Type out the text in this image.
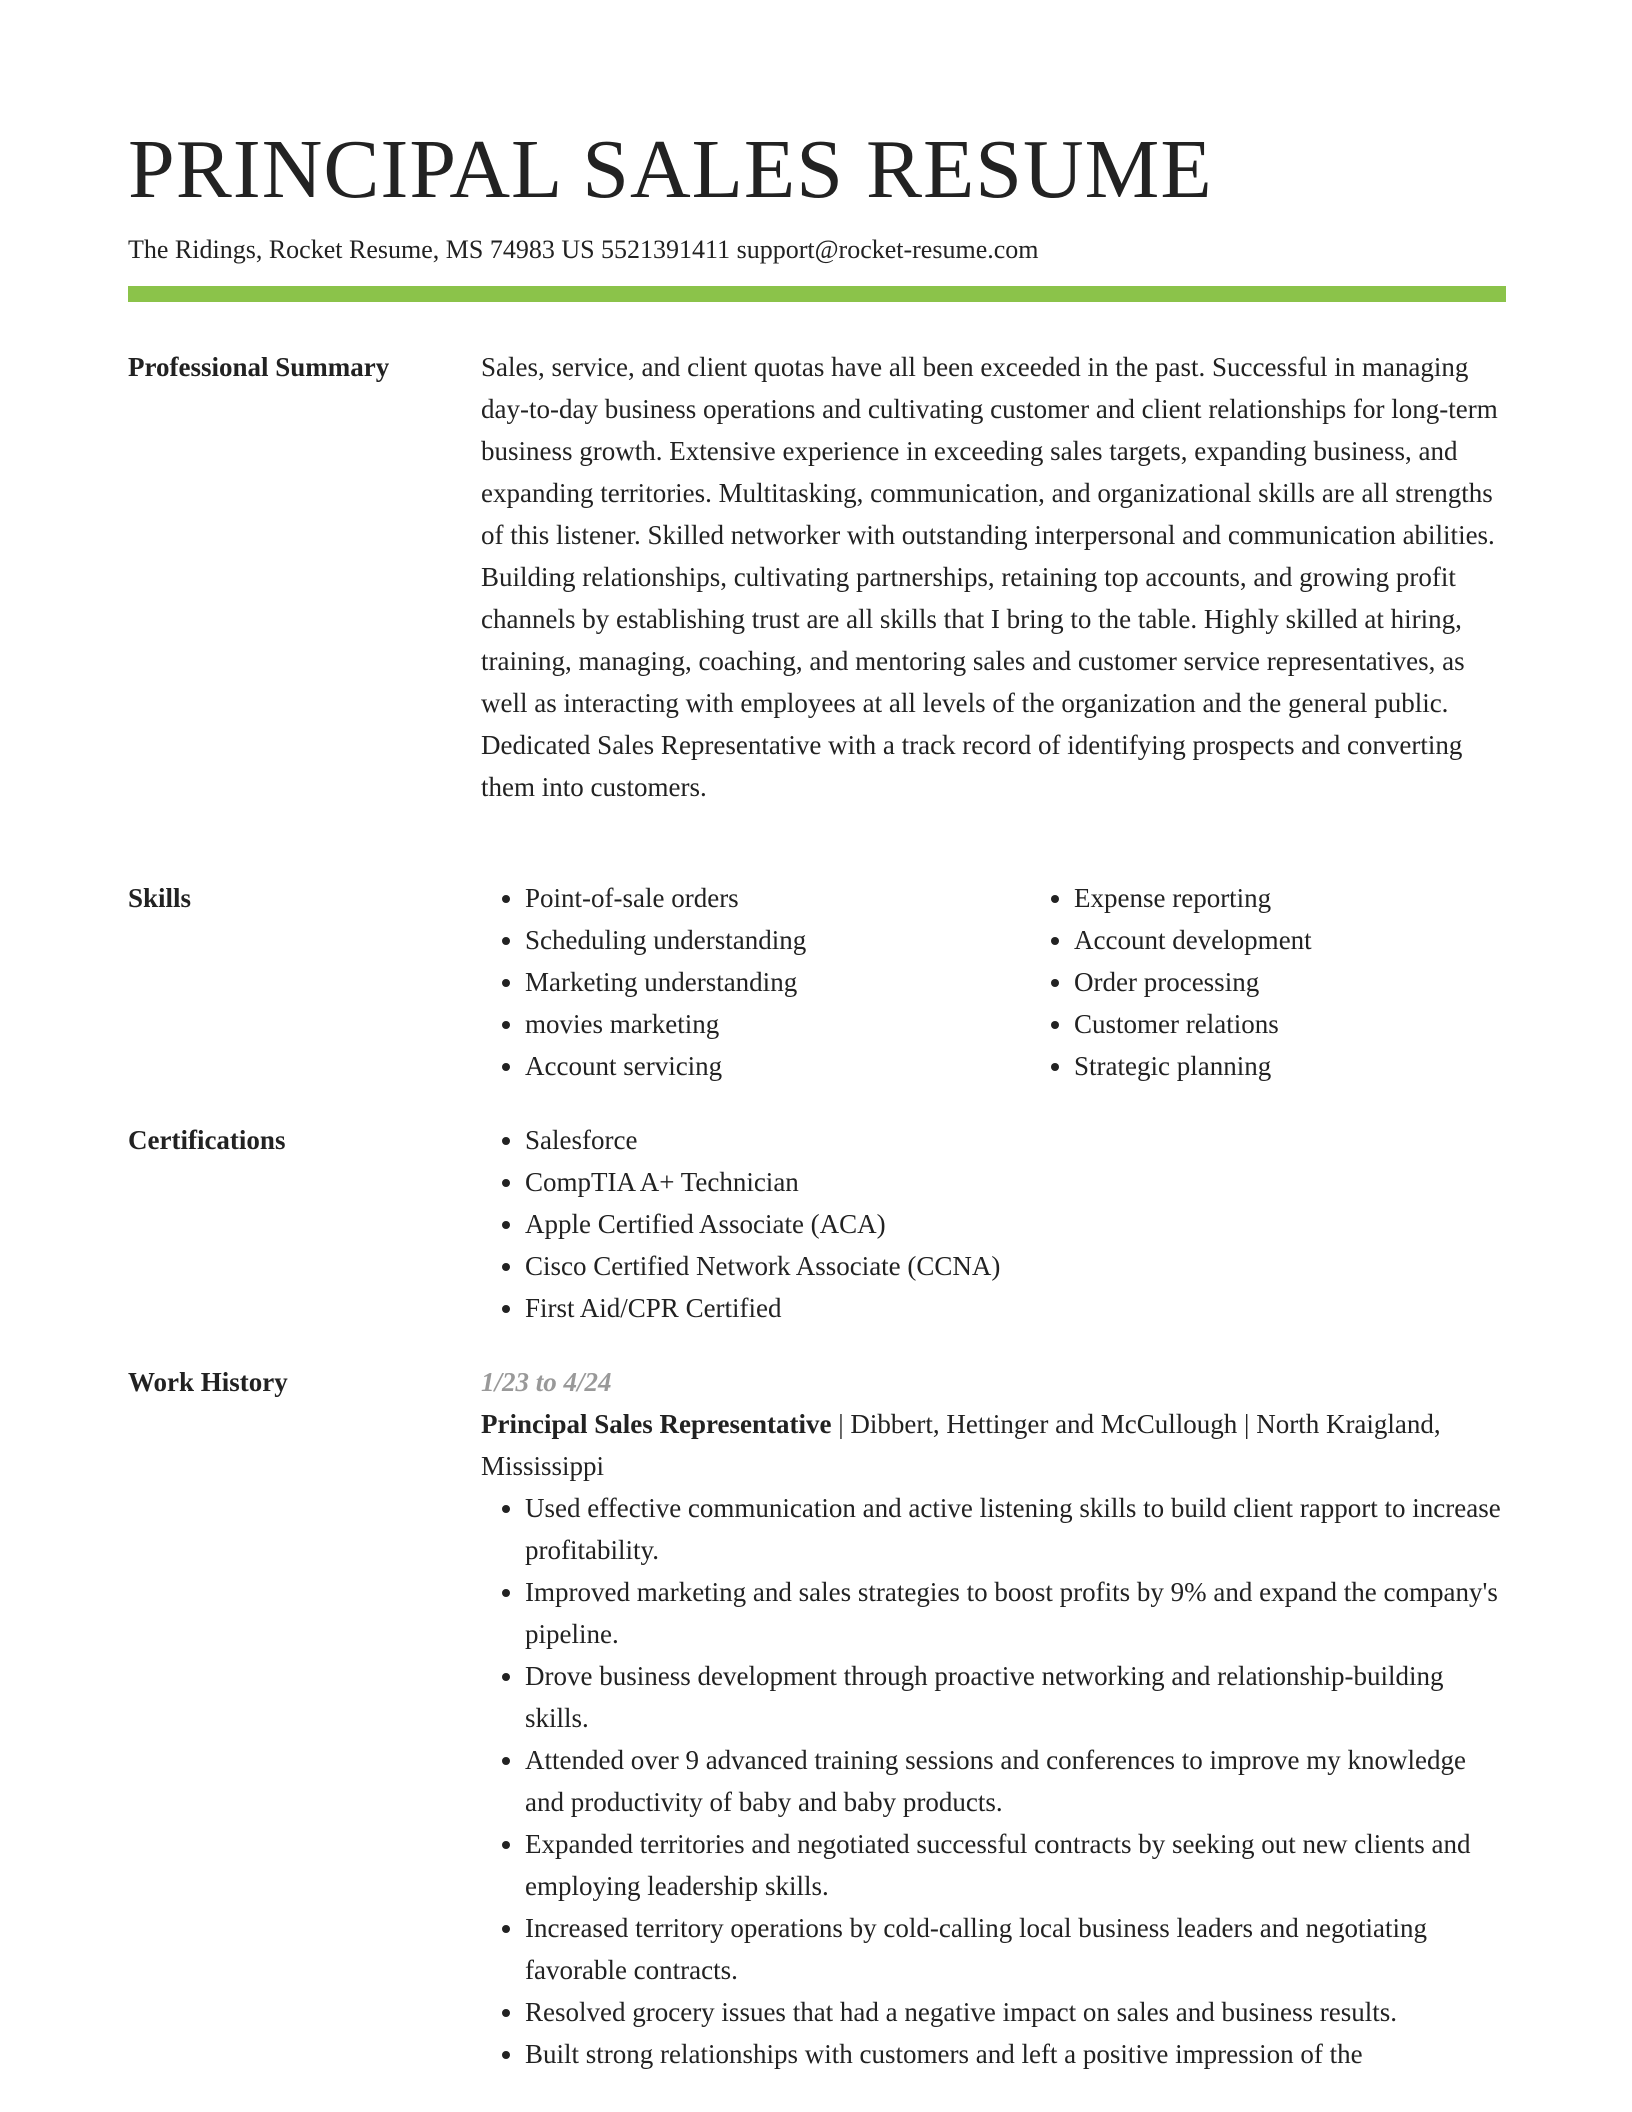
PRINCIPAL SALES RESUME
The Ridings, Rocket Resume, MS 74983 US 5521391411 support@rocket-resume.com
Professional Summary	Sales, service, and client quotas have all been exceeded in the past. Successful in managing day-to-day business operations and cultivating customer and client relationships for long-term business growth. Extensive experience in exceeding sales targets, expanding business, and expanding territories. Multitasking, communication, and organizational skills are all strengths of this listener. Skilled networker with outstanding interpersonal and communication abilities. Building relationships, cultivating partnerships, retaining top accounts, and growing profit channels by establishing trust are all skills that I bring to the table. Highly skilled at hiring, training, managing, coaching, and mentoring sales and customer service representatives, as well as interacting with employees at all levels of the organization and the general public. Dedicated Sales Representative with a track record of identifying prospects and converting them into customers.

Skills	• Point-of-sale orders
• Scheduling understanding
• Marketing understanding
• movies marketing
• Account servicing
• Expense reporting
• Account development
• Order processing
• Customer relations
• Strategic planning
Certifications	• Salesforce
• CompTIA A+ Technician
• Apple Certified Associate (ACA)
• Cisco Certified Network Associate (CCNA)
• First Aid/CPR Certified
Work History	1/23 to 4/24
Principal Sales Representative | Dibbert, Hettinger and McCullough | North Kraigland, Mississippi
• Used effective communication and active listening skills to build client rapport to increase profitability.
• Improved marketing and sales strategies to boost profits by 9% and expand the company's pipeline.
• Drove business development through proactive networking and relationship-building skills.
• Attended over 9 advanced training sessions and conferences to improve my knowledge and productivity of baby and baby products.
• Expanded territories and negotiated successful contracts by seeking out new clients and employing leadership skills.
• Increased territory operations by cold-calling local business leaders and negotiating favorable contracts.
• Resolved grocery issues that had a negative impact on sales and business results.
• Built strong relationships with customers and left a positive impression of the
